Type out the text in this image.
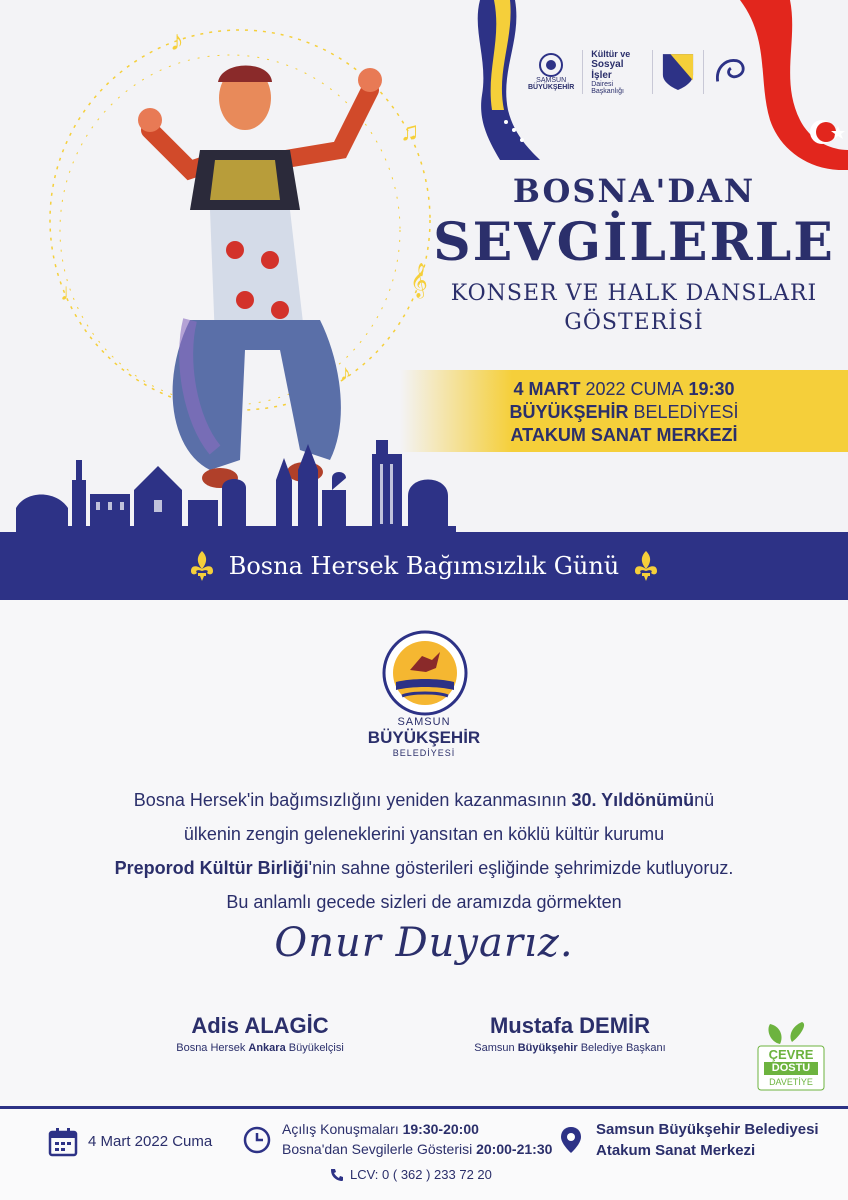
SAMSUN
BÜYÜKŞEHİR
Kültür ve
Sosyal İşler
Dairesi Başkanlığı
♪
♫
𝄞
♩
♪
BOSNA'DAN
SEVGİLERLE
KONSER VE HALK DANSLARI
GÖSTERİSİ
4 MART 2022 CUMA 19:30
BÜYÜKŞEHİR BELEDİYESİ
ATAKUM SANAT MERKEZİ
Bosna Hersek Bağımsızlık Günü
SAMSUN
BÜYÜKŞEHİR
BELEDİYESİ
Bosna Hersek'in bağımsızlığını yeniden kazanmasının 30. Yıldönümünü
ülkenin zengin geleneklerini yansıtan en köklü kültür kurumu
Preporod Kültür Birliği'nin sahne gösterileri eşliğinde şehrimizde kutluyoruz.
Bu anlamlı gecede sizleri de aramızda görmekten
Onur Duyarız.
Adis ALAGİC
Bosna Hersek Ankara Büyükelçisi
Mustafa DEMİR
Samsun Büyükşehir Belediye Başkanı	ÇEVRE
DOSTU
DAVETİYE
4 Mart 2022 Cuma
Açılış Konuşmaları 19:30-20:00
Bosna'dan Sevgilerle Gösterisi 20:00-21:30
LCV: 0 ( 362 ) 233 72 20
Samsun Büyükşehir Belediyesi
Atakum Sanat Merkezi
